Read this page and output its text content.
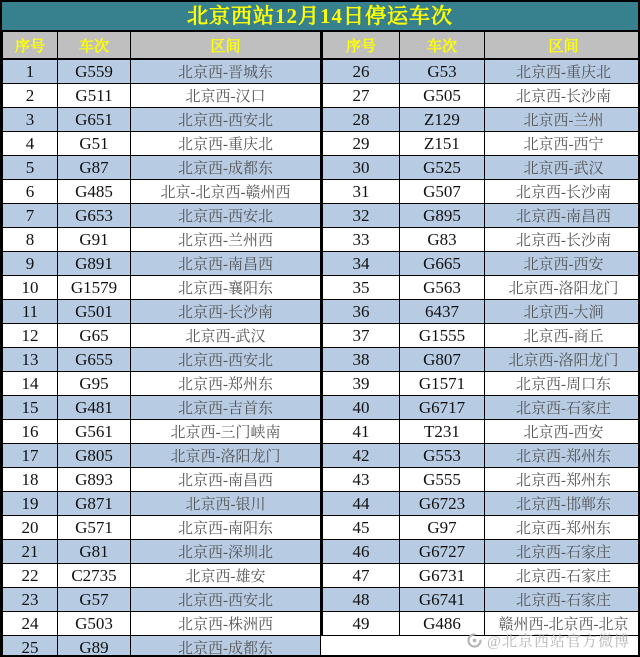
北京西站12月14日停运车次
序号	车次	区间
1	G559	北京西-晋城东
2	G511	北京西-汉口
3	G651	北京西-西安北
4	G51	北京西-重庆北
5	G87	北京西-成都东
6	G485	北京-北京西-赣州西
7	G653	北京西-西安北
8	G91	北京西-兰州西
9	G891	北京西-南昌西
10	G1579	北京西-襄阳东
11	G501	北京西-长沙南
12	G65	北京西-武汉
13	G655	北京西-西安北
14	G95	北京西-郑州东
15	G481	北京西-吉首东
16	G561	北京西-三门峡南
17	G805	北京西-洛阳龙门
18	G893	北京西-南昌西
19	G871	北京西-银川
20	G571	北京西-南阳东
21	G81	北京西-深圳北
22	C2735	北京西-雄安
23	G57	北京西-西安北
24	G503	北京西-株洲西
25	G89	北京西-成都东
序号	车次	区间
26	G53	北京西-重庆北
27	G505	北京西-长沙南
28	Z129	北京西-兰州
29	Z151	北京西-西宁
30	G525	北京西-武汉
31	G507	北京西-长沙南
32	G895	北京西-南昌西
33	G83	北京西-长沙南
34	G665	北京西-西安
35	G563	北京西-洛阳龙门
36	6437	北京西-大涧
37	G1555	北京西-商丘
38	G807	北京西-洛阳龙门
39	G1571	北京西-周口东
40	G6717	北京西-石家庄
41	T231	北京西-西安
42	G553	北京西-郑州东
43	G555	北京西-郑州东
44	G6723	北京西-邯郸东
45	G97	北京西-郑州东
46	G6727	北京西-石家庄
47	G6731	北京西-石家庄
48	G6741	北京西-石家庄
49	G486	赣州西-北京西-北京
@北京西站官方微博
